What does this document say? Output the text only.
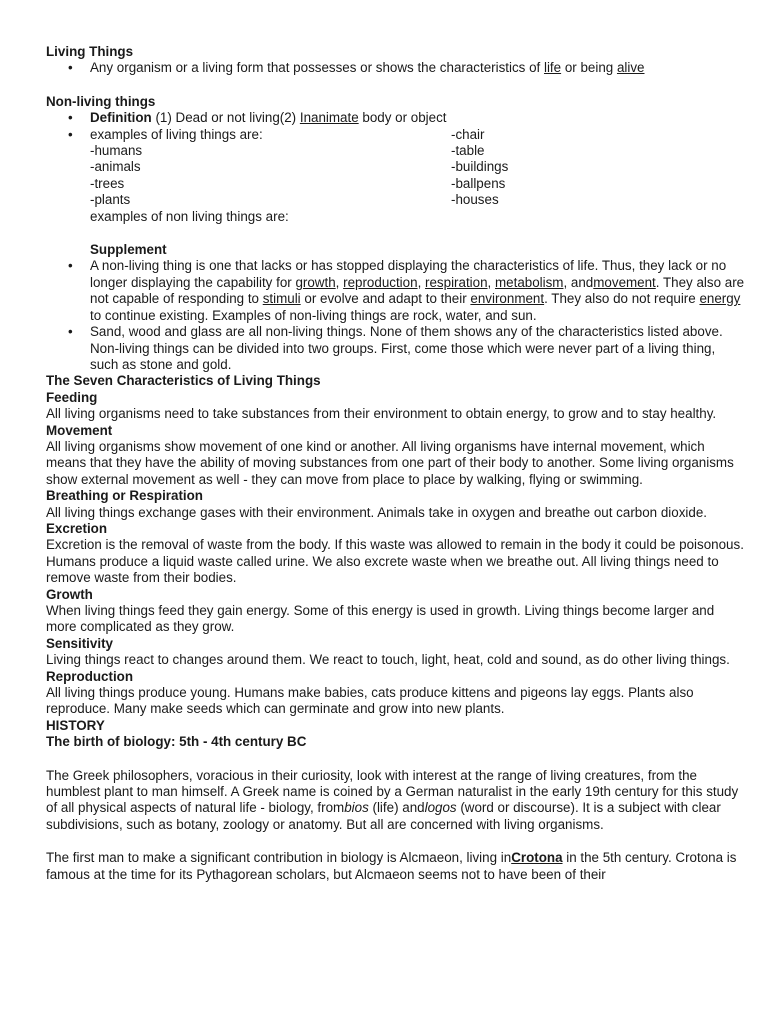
Living Things
• Any organism or a living form that possesses or shows the characteristics of life or being alive
Non-living things
• Definition (1) Dead or not living(2) Inanimate body or object
• examples of living things are:
-humans
-animals
-trees
-plants
examples of non living things are:
-chair
-table
-buildings
-ballpens
-houses
Supplement
• A non-living thing is one that lacks or has stopped displaying the characteristics of life. Thus, they lack or no longer displaying the capability for growth, reproduction, respiration, metabolism, andmovement. They also are not capable of responding to stimuli or evolve and adapt to their environment. They also do not require energy to continue existing. Examples of non-living things are rock, water, and sun.
• Sand, wood and glass are all non-living things. None of them shows any of the characteristics listed above. Non-living things can be divided into two groups. First, come those which were never part of a living thing, such as stone and gold.
The Seven Characteristics of Living Things
Feeding
All living organisms need to take substances from their environment to obtain energy, to grow and to stay healthy.
Movement
All living organisms show movement of one kind or another. All living organisms have internal movement, which means that they have the ability of moving substances from one part of their body to another. Some living organisms show external movement as well - they can move from place to place by walking, flying or swimming.
Breathing or Respiration
All living things exchange gases with their environment. Animals take in oxygen and breathe out carbon dioxide.
Excretion
Excretion is the removal of waste from the body. If this waste was allowed to remain in the body it could be poisonous. Humans produce a liquid waste called urine. We also excrete waste when we breathe out. All living things need to remove waste from their bodies.
Growth
When living things feed they gain energy. Some of this energy is used in growth. Living things become larger and more complicated as they grow.
Sensitivity
Living things react to changes around them. We react to touch, light, heat, cold and sound, as do other living things.
Reproduction
All living things produce young. Humans make babies, cats produce kittens and pigeons lay eggs. Plants also reproduce. Many make seeds which can germinate and grow into new plants.
HISTORY
The birth of biology: 5th - 4th century BC
The Greek philosophers, voracious in their curiosity, look with interest at the range of living creatures, from the humblest plant to man himself. A Greek name is coined by a German naturalist in the early 19th century for this study of all physical aspects of natural life - biology, frombios (life) andlogos (word or discourse). It is a subject with clear subdivisions, such as botany, zoology or anatomy. But all are concerned with living organisms.
The first man to make a significant contribution in biology is Alcmaeon, living inCrotona in the 5th century. Crotona is famous at the time for its Pythagorean scholars, but Alcmaeon seems not to have been of their
